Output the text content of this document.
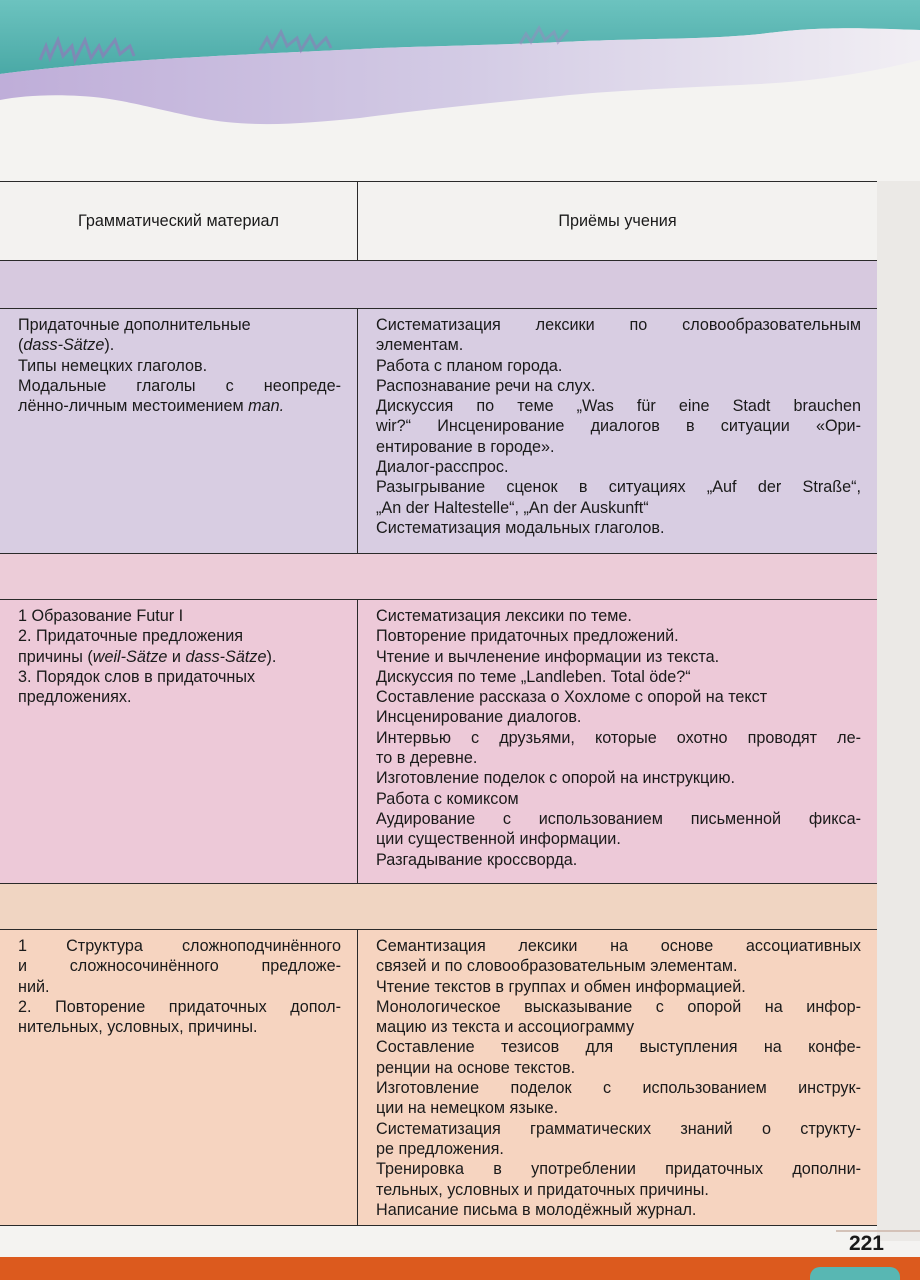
Грамматический материал	Приёмы учения
Придаточные дополнительные
(dass-Sätze).
Типы немецких глаголов.
Модальные глаголы с неопреде-
лённо-личным местоимением man.
Систематизация лексики по словообразовательным
элементам.
Работа с планом города.
Распознавание речи на слух.
Дискуссия по теме „Was für eine Stadt brauchen
wir?“ Инсценирование диалогов в ситуации «Ори-
ентирование в городе».
Диалог-расспрос.
Разыгрывание сценок в ситуациях „Auf der Straße“,
„An der Haltestelle“, „An der Auskunft“
Систематизация модальных глаголов.
1 Образование Futur I
2. Придаточные предложения
причины (weil-Sätze и dass-Sätze).
3. Порядок слов в придаточных
предложениях.
Систематизация лексики по теме.
Повторение придаточных предложений.
Чтение и вычленение информации из текста.
Дискуссия по теме „Landleben. Total öde?“
Составление рассказа о Хохломе с опорой на текст
Инсценирование диалогов.
Интервью с друзьями, которые охотно проводят ле-
то в деревне.
Изготовление поделок с опорой на инструкцию.
Работа с комиксом
Аудирование с использованием письменной фикса-
ции существенной информации.
Разгадывание кроссворда.
1 Структура сложноподчинённого
и сложносочинённого предложе-
ний.
2. Повторение придаточных допол-
нительных, условных, причины.
Семантизация лексики на основе ассоциативных
связей и по словообразовательным элементам.
Чтение текстов в группах и обмен информацией.
Монологическое высказывание с опорой на инфор-
мацию из текста и ассоциограмму
Составление тезисов для выступления на конфе-
ренции на основе текстов.
Изготовление поделок с использованием инструк-
ции на немецком языке.
Систематизация грамматических знаний о структу-
ре предложения.
Тренировка в употреблении придаточных дополни-
тельных, условных и придаточных причины.
Написание письма в молодёжный журнал.
221
